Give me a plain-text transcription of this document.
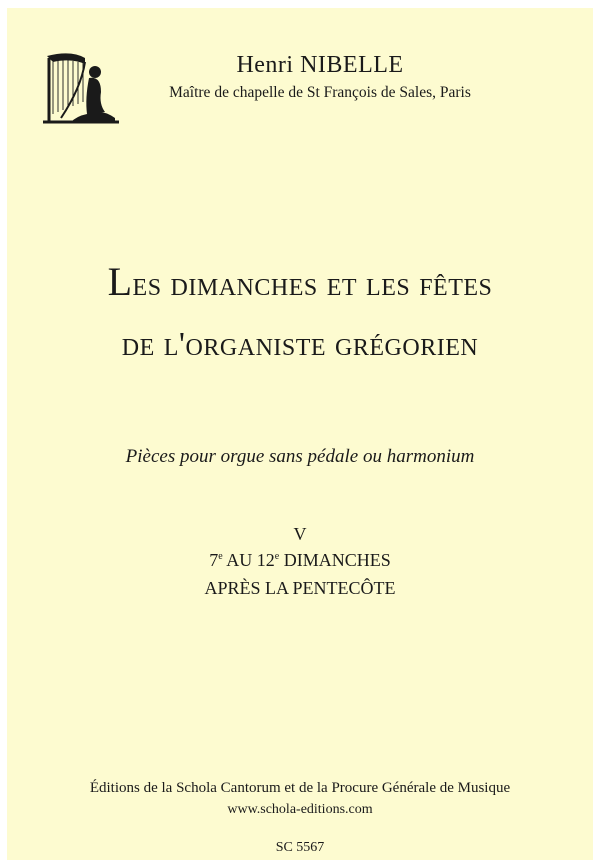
Henri NIBELLE
Maître de chapelle de St François de Sales, Paris
Les dimanches et les fêtes
de l'organiste grégorien
Pièces pour orgue sans pédale ou harmonium
V
7e AU 12e DIMANCHES
APRÈS LA PENTECÔTE
Éditions de la Schola Cantorum et de la Procure Générale de Musique
www.schola-editions.com
SC 5567
